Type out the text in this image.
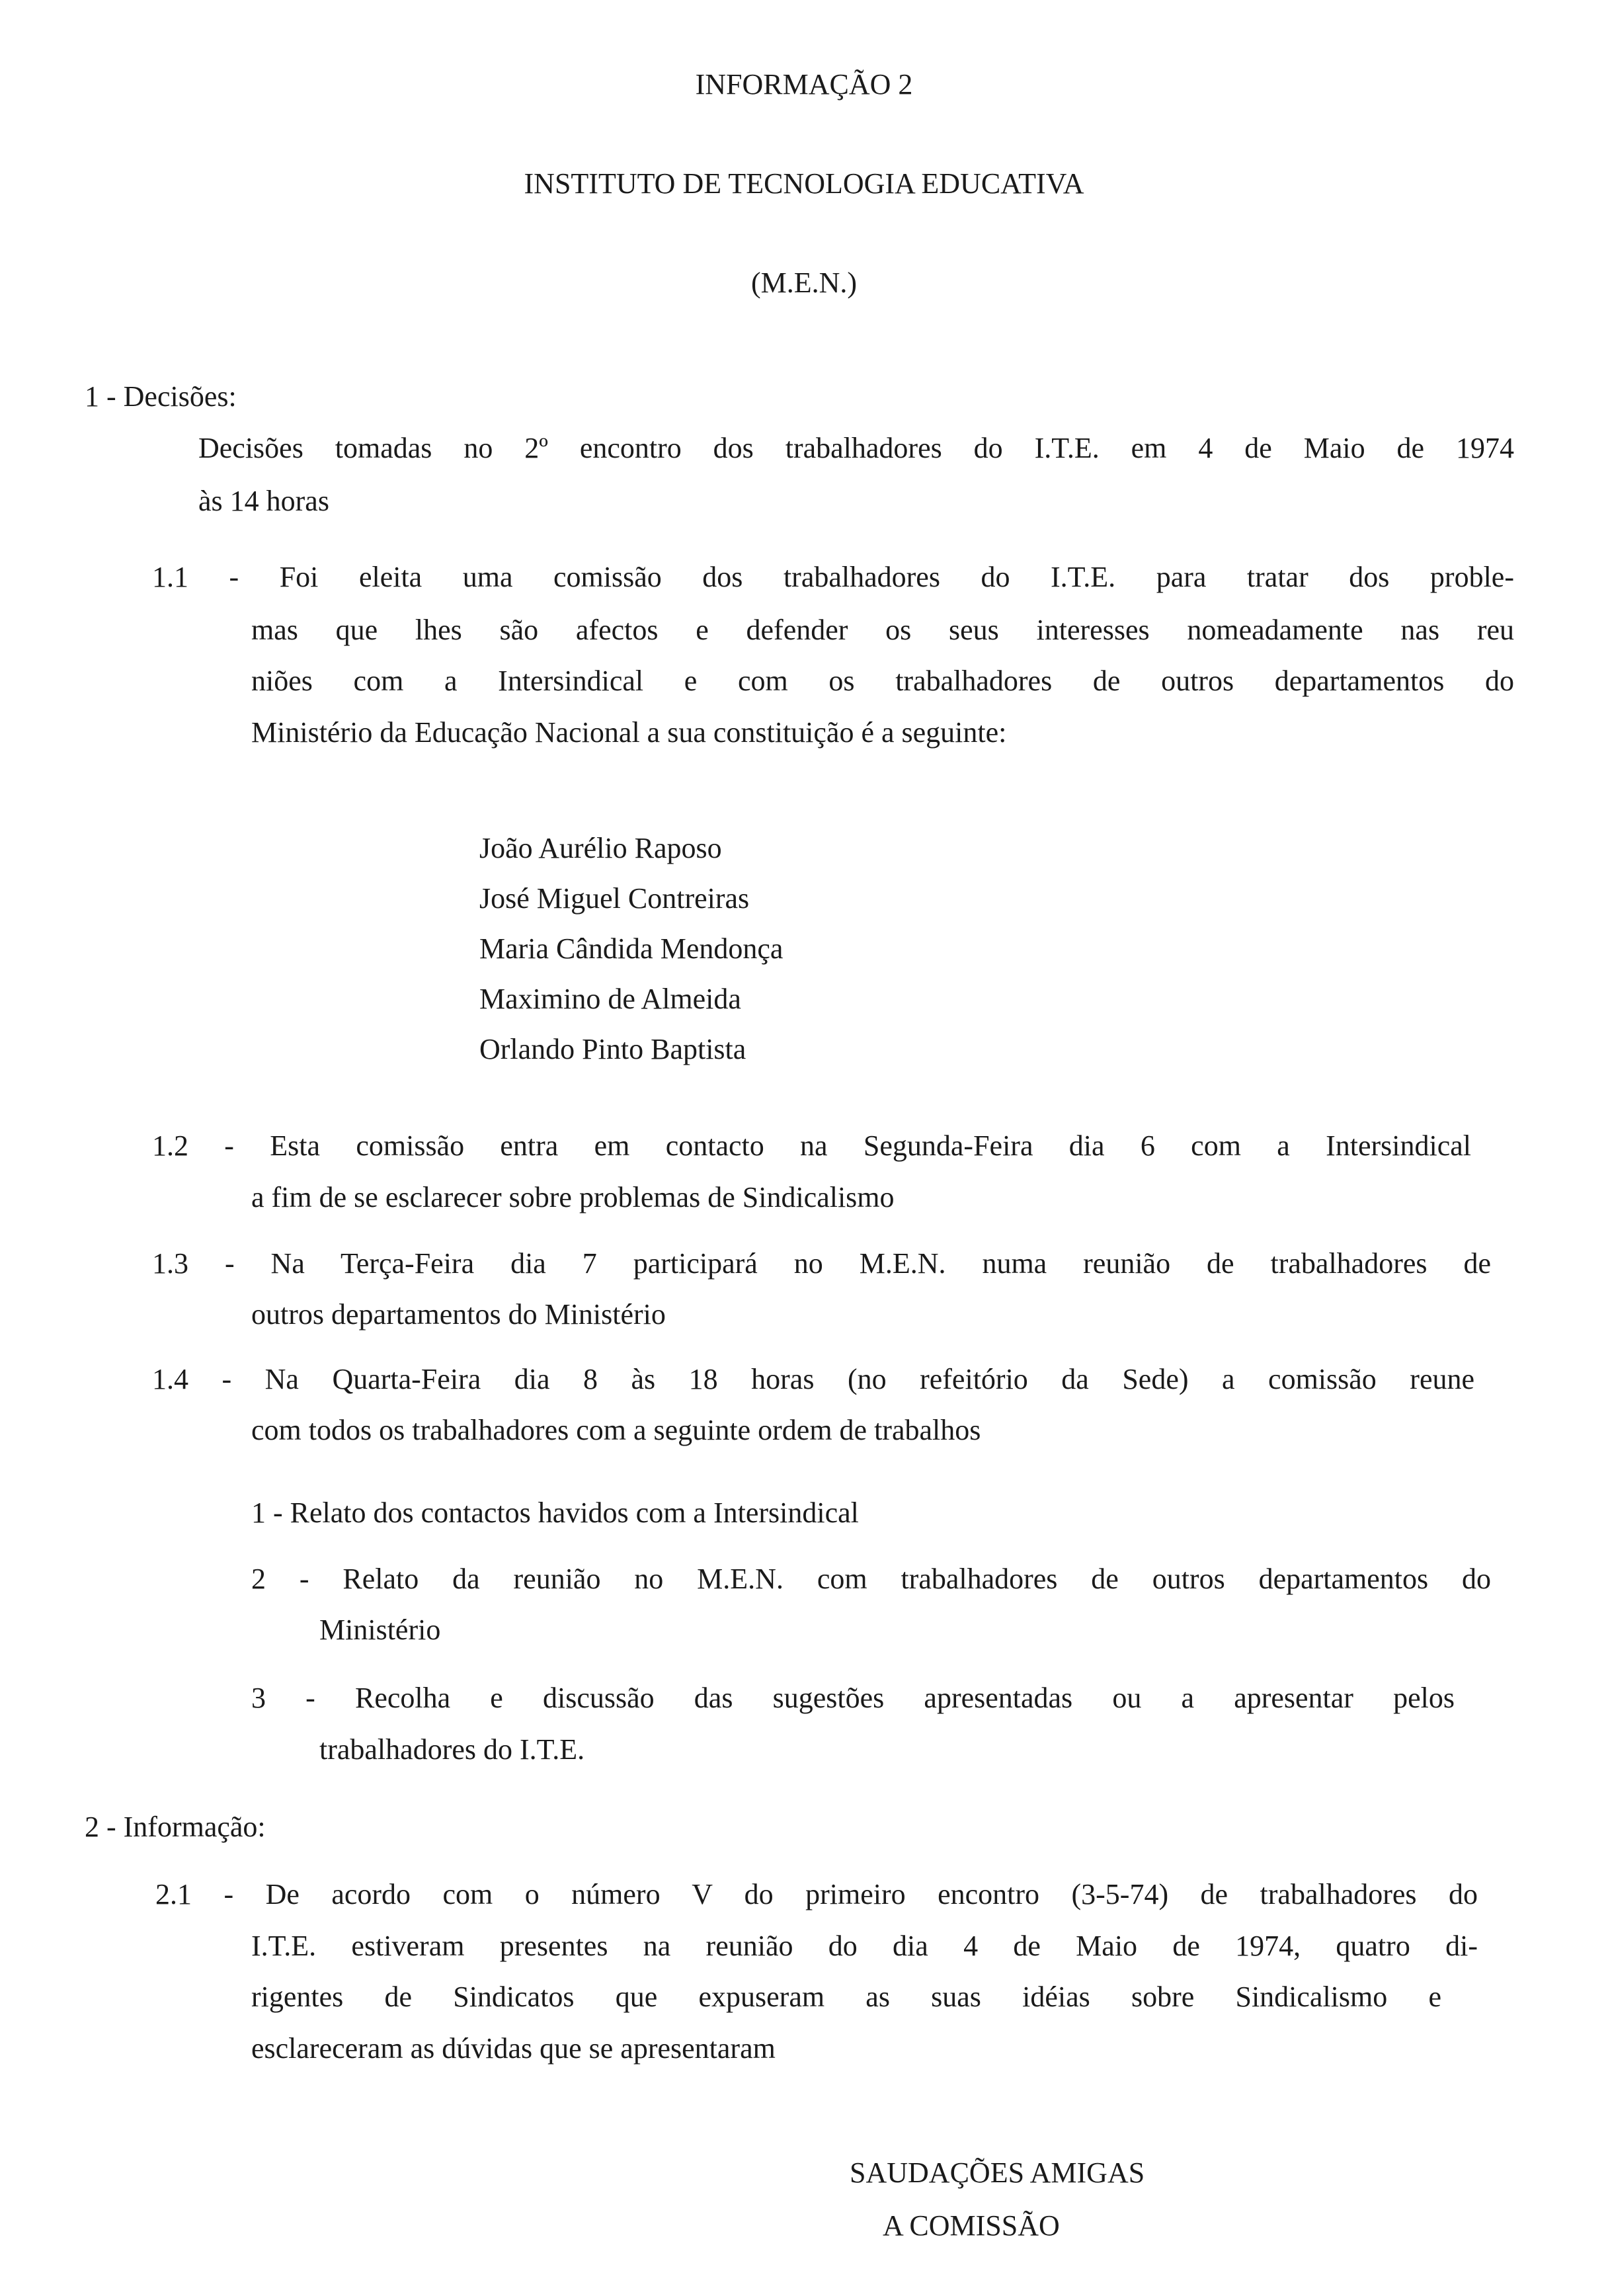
INFORMAÇÃO 2

INSTITUTO DE TECNOLOGIA EDUCATIVA

(M.E.N.)

1 - Decisões:

Decisões tomadas no 2º encontro dos trabalhadores do I.T.E. em 4 de Maio de 1974

às 14 horas

1.1 - Foi eleita uma comissão dos trabalhadores do I.T.E. para tratar dos proble-

mas que lhes são afectos e defender os seus interesses nomeadamente nas reu

niões com a Intersindical e com os trabalhadores de outros departamentos do

Ministério da Educação Nacional a sua constituição é a seguinte:

João Aurélio Raposo

José Miguel Contreiras

Maria Cândida Mendonça

Maximino de Almeida

Orlando Pinto Baptista

1.2 - Esta comissão entra em contacto na Segunda-Feira dia 6 com a Intersindical

a fim de se esclarecer sobre problemas de Sindicalismo

1.3 - Na Terça-Feira dia 7 participará no M.E.N. numa reunião de trabalhadores de

outros departamentos do Ministério

1.4 - Na Quarta-Feira dia 8 às 18 horas (no refeitório da Sede) a comissão reune

com todos os trabalhadores com a seguinte ordem de trabalhos

1 - Relato dos contactos havidos com a Intersindical

2 - Relato da reunião no M.E.N. com trabalhadores de outros departamentos do

Ministério

3 - Recolha e discussão das sugestões apresentadas ou a apresentar pelos

trabalhadores do I.T.E.

2 - Informação:

2.1 - De acordo com o número V do primeiro encontro (3-5-74) de trabalhadores do

I.T.E. estiveram presentes na reunião do dia 4 de Maio de 1974, quatro di-

rigentes de Sindicatos que expuseram as suas idéias sobre Sindicalismo e

esclareceram as dúvidas que se apresentaram

SAUDAÇÕES AMIGAS

A COMISSÃO
